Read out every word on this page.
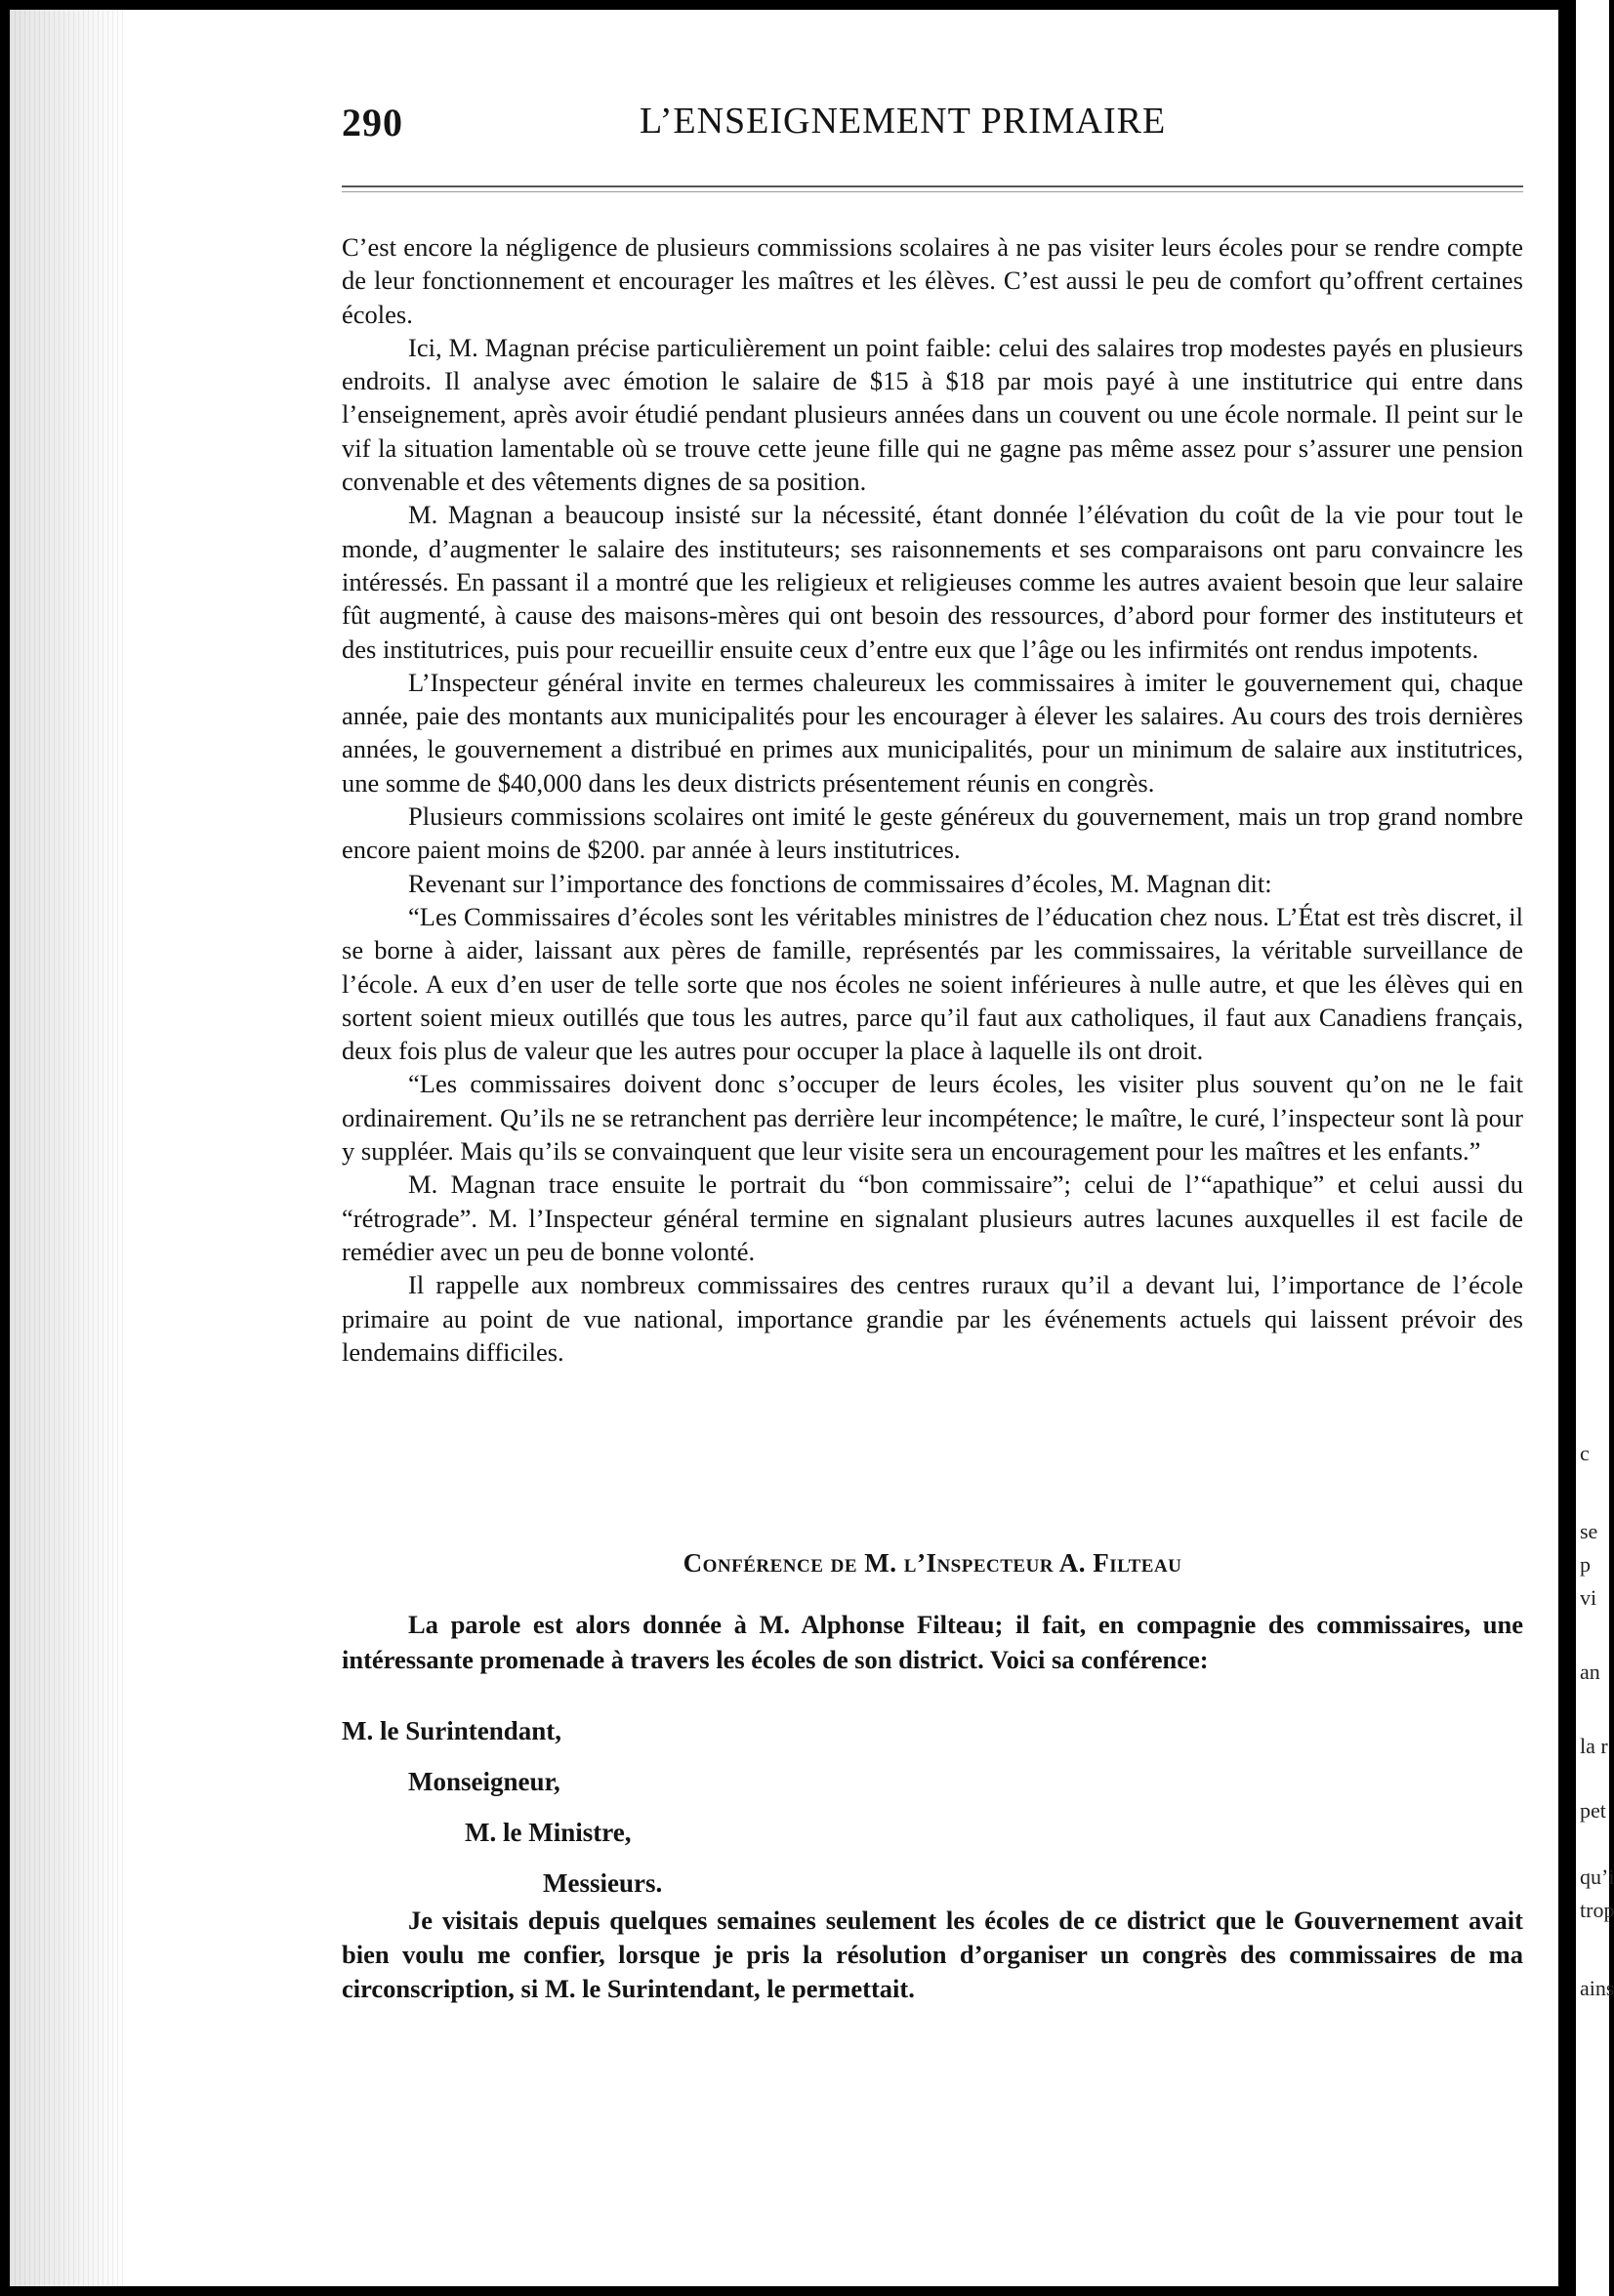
290	L’ENSEIGNEMENT PRIMAIRE

C’est encore la négligence de plusieurs commissions scolaires à ne pas visiter leurs écoles pour se rendre compte de leur fonctionnement et encourager les maîtres et les élèves. C’est aussi le peu de comfort qu’offrent certaines écoles.

Ici, M. Magnan précise particulièrement un point faible: celui des salaires trop modestes payés en plusieurs endroits. Il analyse avec émotion le salaire de $15 à $18 par mois payé à une institutrice qui entre dans l’enseignement, après avoir étudié pendant plusieurs années dans un couvent ou une école normale. Il peint sur le vif la situation lamentable où se trouve cette jeune fille qui ne gagne pas même assez pour s’assurer une pension convenable et des vêtements dignes de sa position.

M. Magnan a beaucoup insisté sur la nécessité, étant donnée l’élévation du coût de la vie pour tout le monde, d’augmenter le salaire des instituteurs; ses raisonnements et ses comparaisons ont paru convaincre les intéressés. En passant il a montré que les religieux et religieuses comme les autres avaient besoin que leur salaire fût augmenté, à cause des maisons-mères qui ont besoin des ressources, d’abord pour former des instituteurs et des institutrices, puis pour recueillir ensuite ceux d’entre eux que l’âge ou les infirmités ont rendus impotents.

L’Inspecteur général invite en termes chaleureux les commissaires à imiter le gouvernement qui, chaque année, paie des montants aux municipalités pour les encourager à élever les salaires. Au cours des trois dernières années, le gouvernement a distribué en primes aux municipalités, pour un minimum de salaire aux institutrices, une somme de $40,000 dans les deux districts présentement réunis en congrès.

Plusieurs commissions scolaires ont imité le geste généreux du gouvernement, mais un trop grand nombre encore paient moins de $200. par année à leurs institutrices.

Revenant sur l’importance des fonctions de commissaires d’écoles, M. Magnan dit:

“Les Commissaires d’écoles sont les véritables ministres de l’éducation chez nous. L’État est très discret, il se borne à aider, laissant aux pères de famille, représentés par les commissaires, la véritable surveillance de l’école. A eux d’en user de telle sorte que nos écoles ne soient inférieures à nulle autre, et que les élèves qui en sortent soient mieux outillés que tous les autres, parce qu’il faut aux catholiques, il faut aux Canadiens français, deux fois plus de valeur que les autres pour occuper la place à laquelle ils ont droit.

“Les commissaires doivent donc s’occuper de leurs écoles, les visiter plus souvent qu’on ne le fait ordinairement. Qu’ils ne se retranchent pas derrière leur incompétence; le maître, le curé, l’inspecteur sont là pour y suppléer. Mais qu’ils se convainquent que leur visite sera un encouragement pour les maîtres et les enfants.”

M. Magnan trace ensuite le portrait du “bon commissaire”; celui de l’“apathique” et celui aussi du “rétrograde”. M. l’Inspecteur général termine en signalant plusieurs autres lacunes auxquelles il est facile de remédier avec un peu de bonne volonté.

Il rappelle aux nombreux commissaires des centres ruraux qu’il a devant lui, l’importance de l’école primaire au point de vue national, importance grandie par les événements actuels qui laissent prévoir des lendemains difficiles.

Conférence de M. l’Inspecteur A. Filteau
La parole est alors donnée à M. Alphonse Filteau; il fait, en compagnie des commissaires, une intéressante promenade à travers les écoles de son district. Voici sa conférence:
M. le Surintendant,
Monseigneur,
M. le Ministre,
Messieurs.
Je visitais depuis quelques semaines seulement les écoles de ce district que le Gouvernement avait bien voulu me confier, lorsque je pris la résolution d’organiser un congrès des commissaires de ma circonscription, si M. le Surintendant, le permettait.
c
se
p
vi
an
la r
pet
qu’i
trop
ains
